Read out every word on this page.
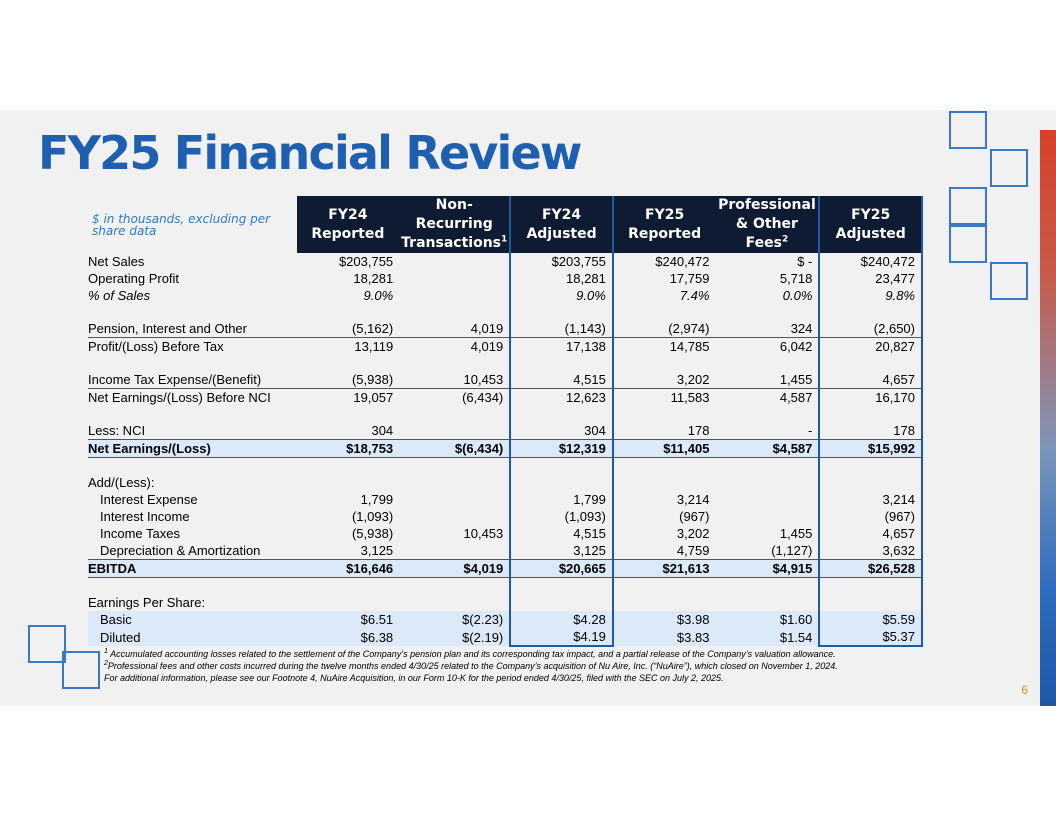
FY25 Financial Review
$ in thousands, excluding per share data	FY24 Reported	Non-Recurring Transactions$^1$	FY24 Adjusted	FY25 Reported	Professional & Other Fees$^2$	FY25 Adjusted
Net Sales	$203,755		$203,755	$240,472	$ -	$240,472
Operating Profit	18,281		18,281	17,759	5,718	23,477
% of Sales	9.0%		9.0%	7.4%	0.0%	9.8%

Pension, Interest and Other	(5,162)	4,019	(1,143)	(2,974)	324	(2,650)
Profit/(Loss) Before Tax	13,119	4,019	17,138	14,785	6,042	20,827

Income Tax Expense/(Benefit)	(5,938)	10,453	4,515	3,202	1,455	4,657
Net Earnings/(Loss) Before NCI	19,057	(6,434)	12,623	11,583	4,587	16,170

Less: NCI	304		304	178	-	178
Net Earnings/(Loss)	$18,753	$(6,434)	$12,319	$11,405	$4,587	$15,992

Add/(Less):						
Interest Expense	1,799		1,799	3,214		3,214
Interest Income	(1,093)		(1,093)	(967)		(967)
Income Taxes	(5,938)	10,453	4,515	3,202	1,455	4,657
Depreciation & Amortization	3,125		3,125	4,759	(1,127)	3,632
EBITDA	$16,646	$4,019	$20,665	$21,613	$4,915	$26,528

Earnings Per Share:						
Basic	$6.51	$(2.23)	$4.28	$3.98	$1.60	$5.59
Diluted	$6.38	$(2.19)	$4.19	$3.83	$1.54	$5.37

$^1$ Accumulated accounting losses related to the settlement of the Company’s pension plan and its corresponding tax impact, and a partial release of the Company’s valuation allowance.

$^2$Professional fees and other costs incurred during the twelve months ended 4/30/25 related to the Company’s acquisition of Nu Aire, Inc. (“NuAire”), which closed on November 1, 2024.

For additional information, please see our Footnote 4, NuAire Acquisition, in our Form 10-K for the period ended 4/30/25, filed with the SEC on July 2, 2025.

6
